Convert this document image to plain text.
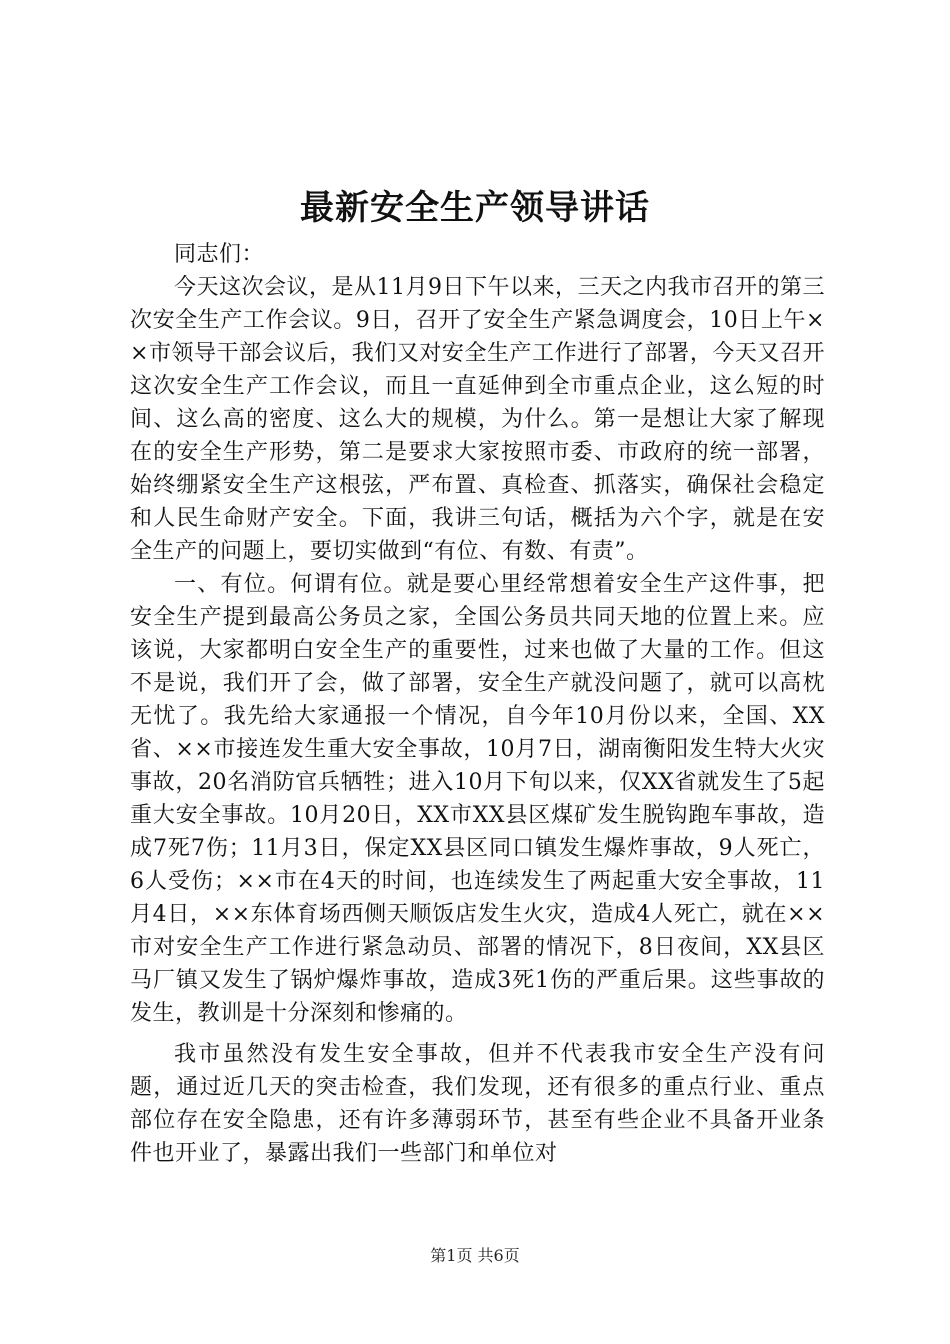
最新安全生产领导讲话

同志们：

今天这次会议，是从11月9日下午以来，三天之内我市召开的第三次安全生产工作会议。9日，召开了安全生产紧急调度会，10日上午××市领导干部会议后，我们又对安全生产工作进行了部署，今天又召开这次安全生产工作会议，而且一直延伸到全市重点企业，这么短的时间、这么高的密度、这么大的规模，为什么。第一是想让大家了解现在的安全生产形势，第二是要求大家按照市委、市政府的统一部署，始终绷紧安全生产这根弦，严布置、真检查、抓落实，确保社会稳定和人民生命财产安全。下面，我讲三句话，概括为六个字，就是在安全生产的问题上，要切实做到“有位、有数、有责”。

一、有位。何谓有位。就是要心里经常想着安全生产这件事，把安全生产提到最高公务员之家，全国公务员共同天地的位置上来。应该说，大家都明白安全生产的重要性，过来也做了大量的工作。但这不是说，我们开了会，做了部署，安全生产就没问题了，就可以高枕无忧了。我先给大家通报一个情况，自今年10月份以来，全国、XX省、××市接连发生重大安全事故，10月7日，湖南衡阳发生特大火灾事故，20名消防官兵牺牲；进入10月下旬以来，仅XX省就发生了5起重大安全事故。10月20日，XX市XX县区煤矿发生脱钩跑车事故，造成7死7伤；11月3日，保定XX县区同口镇发生爆炸事故，9人死亡，6人受伤；××市在4天的时间，也连续发生了两起重大安全事故，11月4日，××东体育场西侧天顺饭店发生火灾，造成4人死亡，就在××市对安全生产工作进行紧急动员、部署的情况下，8日夜间，XX县区马厂镇又发生了锅炉爆炸事故，造成3死1伤的严重后果。这些事故的发生，教训是十分深刻和惨痛的。

我市虽然没有发生安全事故，但并不代表我市安全生产没有问题，通过近几天的突击检查，我们发现，还有很多的重点行业、重点部位存在安全隐患，还有许多薄弱环节，甚至有些企业不具备开业条件也开业了，暴露出我们一些部门和单位对

第1页 共6页
